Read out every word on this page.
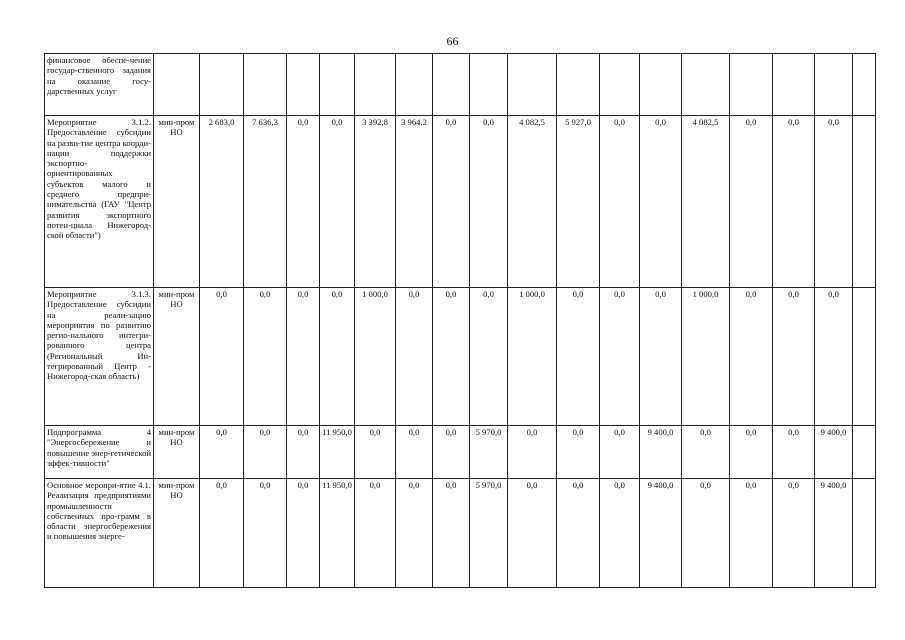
66
финансовое обеспе-чение государ-ственного задания на оказание госу-дарственных услуг																		
Мероприятие 3.1.2. Предоставление субсидии на разви-тие центра коорди-нации поддержки экспортно-ориентированных субъектов малого и среднего предпри-нимательства (ГАУ "Центр развития экспортного потен-циала Нижегород-ской области")	мин-пром НО	2 683,0	7 636,3	0,0	0,0	3 392,8	3 964,2	0,0	0,0	4 082,5	5 927,0	0,0	0,0	4 082,5	0,0	0,0	0,0	
Мероприятие 3.1.3. Предоставление субсидии на реали-зацию мероприятия по развитию регио-нального интегри-рованного центра (Региональный Ин-тегрированный Центр - Нижегород-ская область)	мин-пром НО	0,0	0,0	0,0	0,0	1 000,0	0,0	0,0	0,0	1 000,0	0,0	0,0	0,0	1 000,0	0,0	0,0	0,0	
Подпрограмма 4 "Энергосбережение и повышение энер-гетической эффек-тивности"	мин-пром НО	0,0	0,0	0,0	11 950,0	0,0	0,0	0,0	5 970,0	0,0	0,0	0,0	9 400,0	0,0	0,0	0,0	9 400,0	
Основное меропри-ятие 4.1. Реализация предприятиями промышленности собственных про-грамм в области энергосбережения и повышения энерге-	мин-пром НО	0,0	0,0	0,0	11 950,0	0,0	0,0	0,0	5 970,0	0,0	0,0	0,0	9 400,0	0,0	0,0	0,0	9 400,0	
